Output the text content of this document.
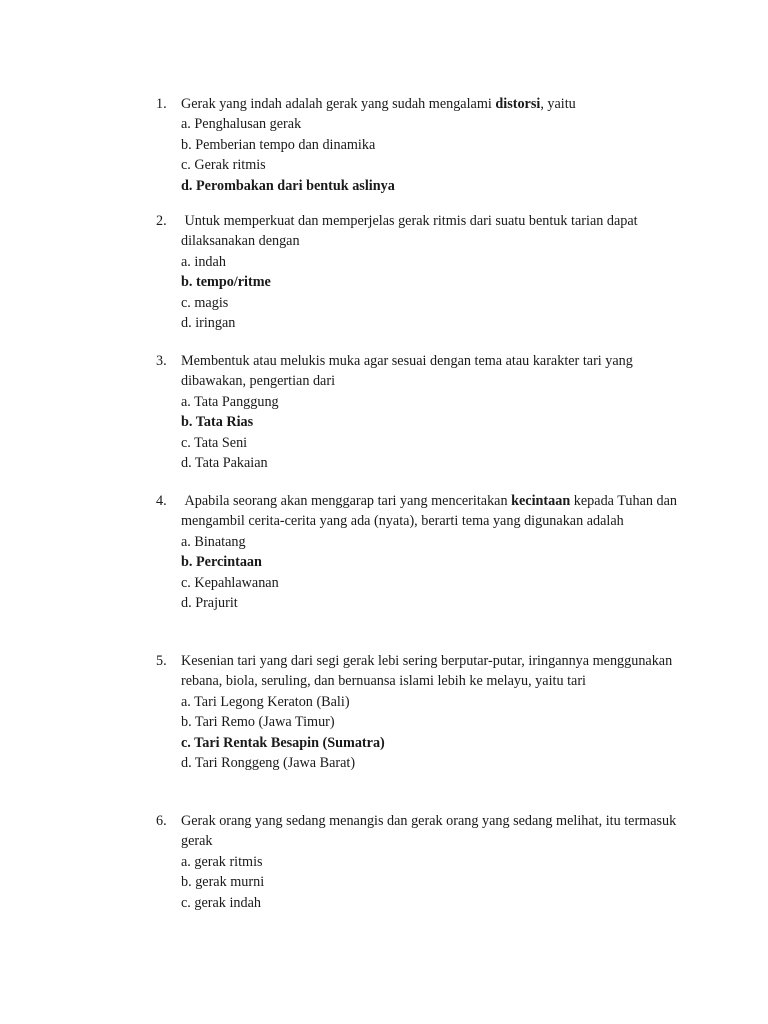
1.	Gerak yang indah adalah gerak yang sudah mengalami distorsi, yaitu

a. Penghalusan gerak
b. Pemberian tempo dan dinamika
c. Gerak ritmis
d. Perombakan dari bentuk aslinya
2.	Untuk memperkuat dan memperjelas gerak ritmis dari suatu bentuk tarian dapat dilaksanakan dengan

a. indah
b. tempo/ritme
c. magis
d. iringan
3.	Membentuk atau melukis muka agar sesuai dengan tema atau karakter tari yang dibawakan, pengertian dari

a. Tata Panggung
b. Tata Rias
c. Tata Seni
d. Tata Pakaian
4.	Apabila seorang akan menggarap tari yang menceritakan kecintaan kepada Tuhan dan mengambil cerita-cerita yang ada (nyata), berarti tema yang digunakan adalah

a. Binatang
b. Percintaan
c. Kepahlawanan
d. Prajurit
5.	Kesenian tari yang dari segi gerak lebi sering berputar-putar, iringannya menggunakan rebana, biola, seruling, dan bernuansa islami lebih ke melayu, yaitu tari

a. Tari Legong Keraton (Bali)
b. Tari Remo (Jawa Timur)
c. Tari Rentak Besapin (Sumatra)
d. Tari Ronggeng (Jawa Barat)
6.	Gerak orang yang sedang menangis dan gerak orang yang sedang melihat, itu termasuk gerak

a. gerak ritmis
b. gerak murni
c. gerak indah
